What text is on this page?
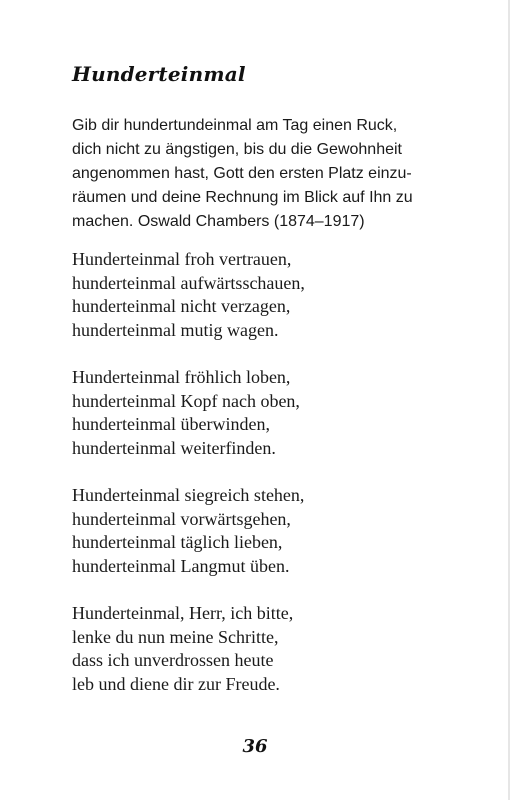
Hunderteinmal
Gib dir hundertundeinmal am Tag einen Ruck,
dich nicht zu ängstigen, bis du die Gewohnheit
angenommen hast, Gott den ersten Platz einzu-
räumen und deine Rechnung im Blick auf Ihn zu
machen. Oswald Chambers (1874–1917)
Hunderteinmal froh vertrauen,
hunderteinmal aufwärtsschauen,
hunderteinmal nicht verzagen,
hunderteinmal mutig wagen.
Hunderteinmal fröhlich loben,
hunderteinmal Kopf nach oben,
hunderteinmal überwinden,
hunderteinmal weiterfinden.
Hunderteinmal siegreich stehen,
hunderteinmal vorwärtsgehen,
hunderteinmal täglich lieben,
hunderteinmal Langmut üben.
Hunderteinmal, Herr, ich bitte,
lenke du nun meine Schritte,
dass ich unverdrossen heute
leb und diene dir zur Freude.
36
